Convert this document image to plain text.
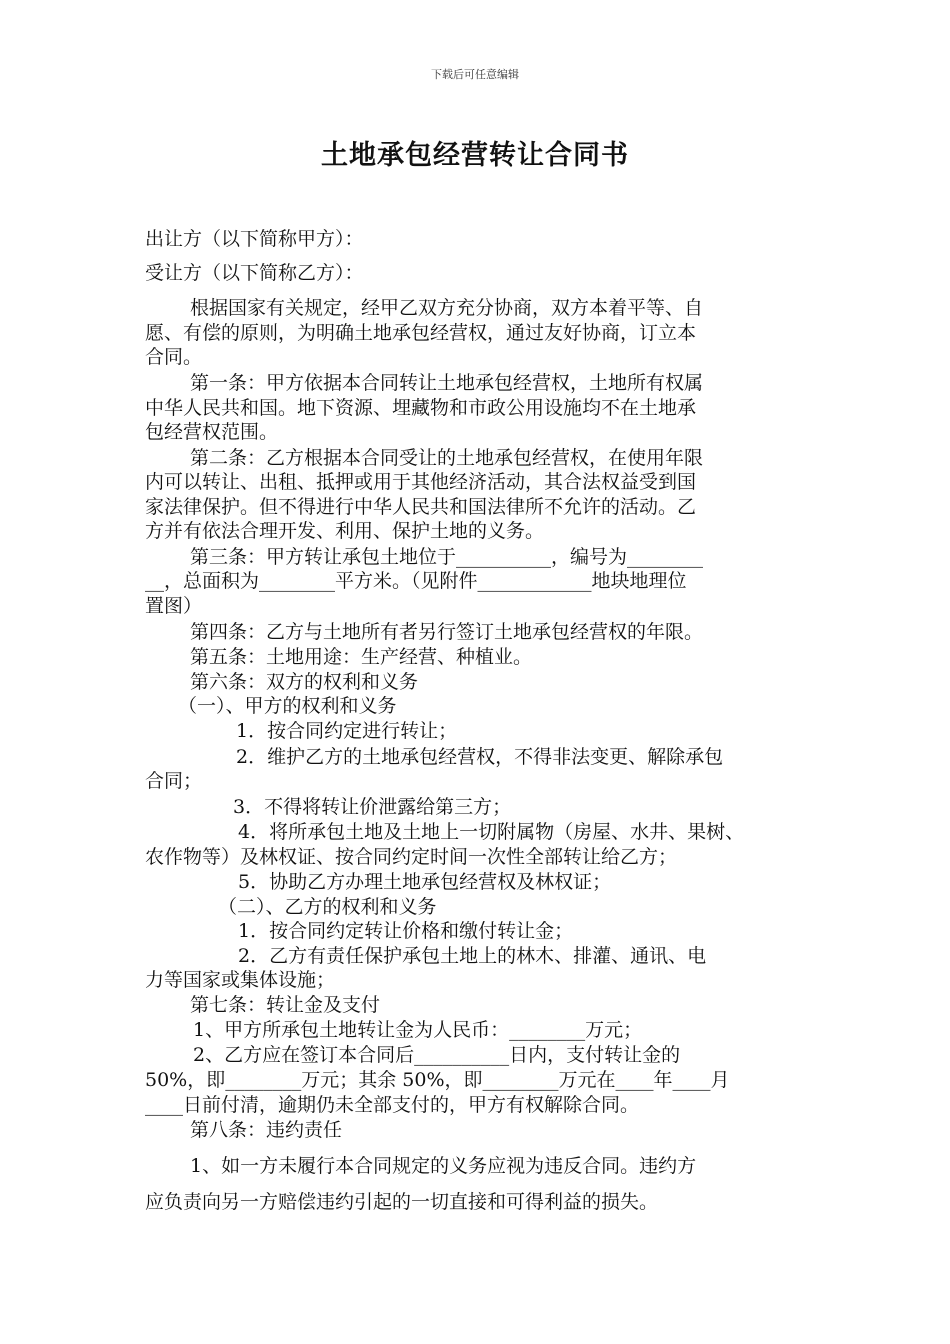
下载后可任意编辑
土地承包经营转让合同书
出让方（以下简称甲方）：
受让方（以下简称乙方）：
根据国家有关规定，经甲乙双方充分协商，双方本着平等、自
愿、有偿的原则，为明确土地承包经营权，通过友好协商，订立本
合同。
第一条：甲方依据本合同转让土地承包经营权，土地所有权属
中华人民共和国。地下资源、埋藏物和市政公用设施均不在土地承
包经营权范围。
第二条：乙方根据本合同受让的土地承包经营权，在使用年限
内可以转让、出租、抵押或用于其他经济活动，其合法权益受到国
家法律保护。但不得进行中华人民共和国法律所不允许的活动。乙
方并有依法合理开发、利用、保护土地的义务。
第三条：甲方转让承包土地位于__________，编号为________
__，总面积为________平方米。（见附件____________地块地理位
置图）
第四条：乙方与土地所有者另行签订土地承包经营权的年限。
第五条：土地用途：生产经营、种植业。
第六条：双方的权利和义务
（一）、甲方的权利和义务
1．按合同约定进行转让；
2．维护乙方的土地承包经营权，不得非法变更、解除承包
合同；
3．不得将转让价泄露给第三方；
4．将所承包土地及土地上一切附属物（房屋、水井、果树、
农作物等）及林权证、按合同约定时间一次性全部转让给乙方；
5．协助乙方办理土地承包经营权及林权证；
（二）、乙方的权利和义务
1．按合同约定转让价格和缴付转让金；
2．乙方有责任保护承包土地上的林木、排灌、通讯、电
力等国家或集体设施；
第七条：转让金及支付
1、甲方所承包土地转让金为人民币：________万元；
2、乙方应在签订本合同后__________日内，支付转让金的
50%，即________万元；其余 50%，即________万元在____年____月
____日前付清，逾期仍未全部支付的，甲方有权解除合同。
第八条：违约责任
1、如一方未履行本合同规定的义务应视为违反合同。违约方
应负责向另一方赔偿违约引起的一切直接和可得利益的损失。
